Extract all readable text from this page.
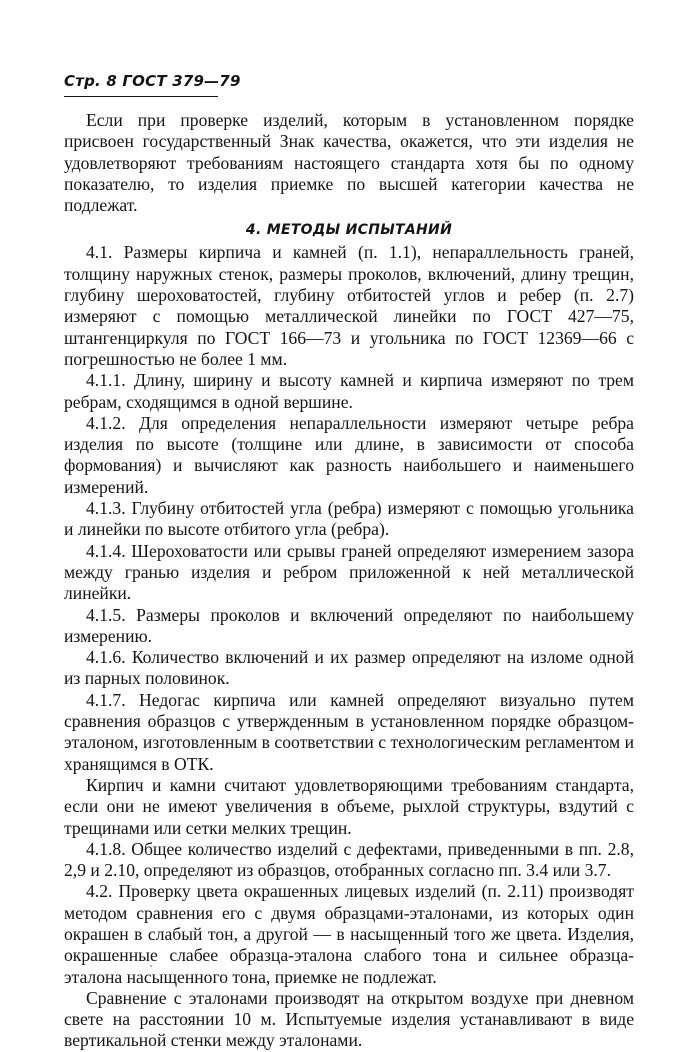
Стр. 8 ГОСТ 379—79

Если при проверке изделий, которым в установленном порядке присвоен государственный Знак качества, окажется, что эти изделия не удовлетворяют требованиям настоящего стандарта хотя бы по одному показателю, то изделия приемке по высшей категории качества не подлежат.

4. МЕТОДЫ ИСПЫТАНИЙ

4.1. Размеры кирпича и камней (п. 1.1), непараллельность граней, толщину наружных стенок, размеры проколов, включений, длину трещин, глубину шероховатостей, глубину отбитостей углов и ребер (п. 2.7) измеряют с помощью металлической линейки по ГОСТ 427—75, штангенциркуля по ГОСТ 166—73 и угольника по ГОСТ 12369—66 с погрешностью не более 1 мм.

4.1.1. Длину, ширину и высоту камней и кирпича измеряют по трем ребрам, сходящимся в одной вершине.

4.1.2. Для определения непараллельности измеряют четыре ребра изделия по высоте (толщине или длине, в зависимости от способа формования) и вычисляют как разность наибольшего и наименьшего измерений.

4.1.3. Глубину отбитостей угла (ребра) измеряют с помощью угольника и линейки по высоте отбитого угла (ребра).

4.1.4. Шероховатости или срывы граней определяют измерением зазора между гранью изделия и ребром приложенной к ней металлической линейки.

4.1.5. Размеры проколов и включений определяют по наибольшему измерению.

4.1.6. Количество включений и их размер определяют на изломе одной из парных половинок.

4.1.7. Недогас кирпича или камней определяют визуально путем сравнения образцов с утвержденным в установленном порядке образцом-эталоном, изготовленным в соответствии с технологическим регламентом и хранящимся в ОТК.

Кирпич и камни считают удовлетворяющими требованиям стандарта, если они не имеют увеличения в объеме, рыхлой структуры, вздутий с трещинами или сетки мелких трещин.

4.1.8. Общее количество изделий с дефектами, приведенными в пп. 2.8, 2,9 и 2.10, определяют из образцов, отобранных согласно пп. 3.4 или 3.7.

4.2. Проверку цвета окрашенных лицевых изделий (п. 2.11) производят методом сравнения его с двумя образцами-эталонами, из которых один окрашен в слабый тон, а другой — в насыщенный того же цвета. Изделия, окрашенные слабее образца-эталона слабого тона и сильнее образца-эталона насыщенного тона, приемке не подлежат.

Сравнение с эталонами производят на открытом воздухе при дневном свете на расстоянии 10 м. Испытуемые изделия устанавливают в виде вертикальной стенки между эталонами.
